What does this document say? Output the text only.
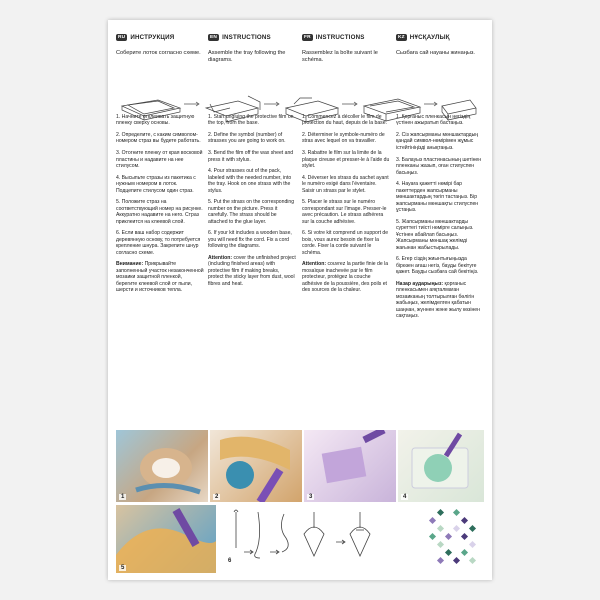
RU ИНСТРУКЦИЯ
Соберите лоток согласно схеме.
1. Начните отклеивать защитную пленку сверху основы.
2. Определите, с каким символом-номером страз вы будете работать.
3. Отогните пленку от края восковой пластины и надавите на нее стилусом.
4. Высыпьте стразы из пакетика с нужным номером в лоток. Подцепите стилусом один страз.
5. Положите страз на соответствующий номер на рисунке. Аккуратно надавите на него. Страз приклеится на клеевой слой.
6. Если ваш набор содержит деревянную основу, то потребуется крепление шнура. Закрепите шнур согласно схеме.
Внимание: Прикрывайте заполненный участок незаконченной мозаики защитной пленкой, берегите клеевой слой от пыли, шерсти и источников тепла.
EN INSTRUCTIONS
Assemble the tray following the diagrams.
1. Start ungluing the protective film on the top, from the base.
2. Define the symbol (number) of strasses you are going to work on.
3. Bend the film off the wax sheet and press it with stylus.
4. Pour strasses out of the pack, labeled with the needed number, into the tray. Hook on one strass with the stylus.
5. Put the strass on the corresponding number on the picture. Press it carefully. The strass should be attached to the glue layer.
6. If your kit includes a wooden base, you will need fix the cord. Fix a cord following the diagrams.
Attention: cover the unfinished project (including finished areas) with protective film if making breaks, protect the sticky layer from dust, wool fibres and heat.
FR INSTRUCTIONS
Rassemblez la boîte suivant le schéma.
1. Commencez à décoller le film de protection du haut, depuis de la base.
2. Déterminer le symbole-numéro de stras avec lequel on va travailler.
3. Rabattre le film sur la limite de la plaque cireuse et presser-le à l'aide du stylet.
4. Déverser les strass du sachet ayant le numéro exigé dans l'éventaire. Saisir un strass par le stylet.
5. Placer le strass sur le numéro correspondant sur l'image. Presser-le avec précaution. Le strass adhérera sur la couche adhésive.
6. Si votre kit comprend un support de bois, vous aurez besoin de fixer la corde. Fixer la corde suivant le schéma.
Attention: couvrez la partie finie de la mosaïque inachevée par le film protecteur, protégez la couche adhésive de la poussière, des poils et des sources de la chaleur.
KZ НҰСҚАУЛЫҚ
Сызбаға сай науаны жинаңыз.
1. Қорғаныс пленкасын негіздің үстінен ажыратып бастаңыз.
2. Сіз жапсырманы мөншактардың қандай символ-нөмірімен жұмыс істейтініңізді анықтаңыз.
3. Балауыз пластинасының шетінен пленканы жазып, оған стилуспен басыңыз.
4. Науаға қажетті нөмірі бар пакеттерден жапсырманы мөншактардың төгіп тастаңыз. Бір жапсырманы мөншақты стилуспен ұстаңыз.
5. Жапсырманы мөншактарды суреттегі тиісті нөмірге салыңыз. Ұстінен абайлап басыңыз. Жапсырманы мөншақ желімді жағынан жабыстырылады.
6. Егер сіздің жиынтығыңызда бірөзен ағаш негіз, бауды бекітуге қажет. Бауды сызбаға сай бекітіңіз.
Назар аударыңыз: қорғаныс пленкасымен аяқталмаған мозаиканың толтырылған бөлігін жабыңыз, желімделген қабатын шаңнан, жүннен және жылу көзінен сақтаңыз.
1	2	3	4
5
6
